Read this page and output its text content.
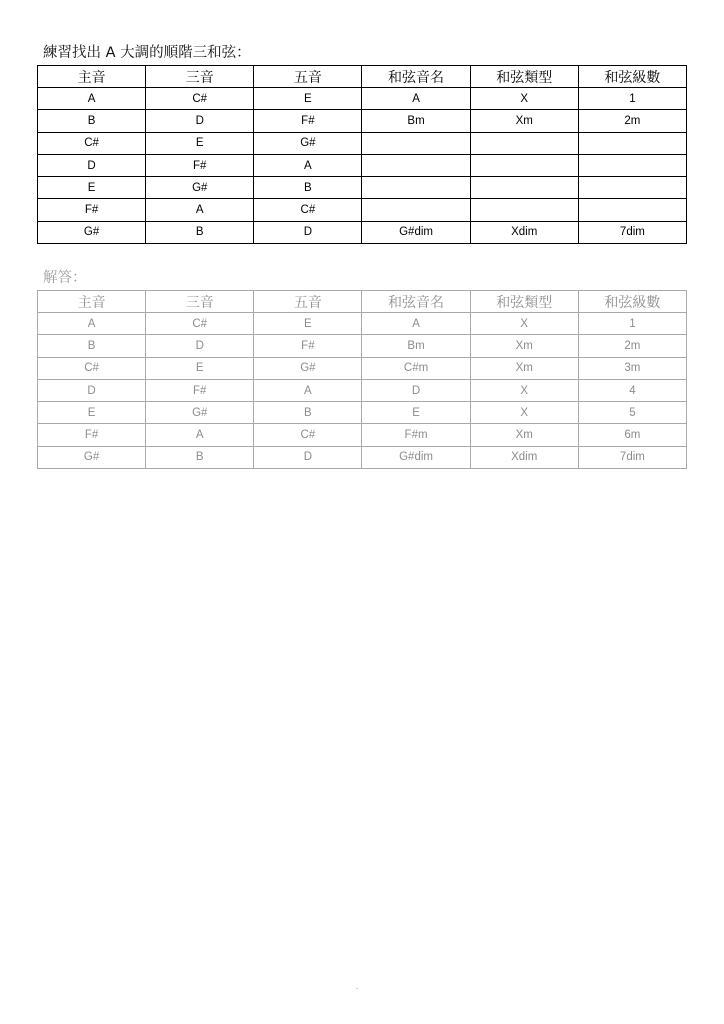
練習找出 A 大調的順階三和弦：
主音	三音	五音	和弦音名	和弦類型	和弦級數
A	C#	E	A	X	1
B	D	F#	Bm	Xm	2m
C#	E	G#			
D	F#	A			
E	G#	B			
F#	A	C#			
G#	B	D	G#dim	Xdim	7dim
解答：
主音	三音	五音	和弦音名	和弦類型	和弦級數
A	C#	E	A	X	1
B	D	F#	Bm	Xm	2m
C#	E	G#	C#m	Xm	3m
D	F#	A	D	X	4
E	G#	B	E	X	5
F#	A	C#	F#m	Xm	6m
G#	B	D	G#dim	Xdim	7dim
.
